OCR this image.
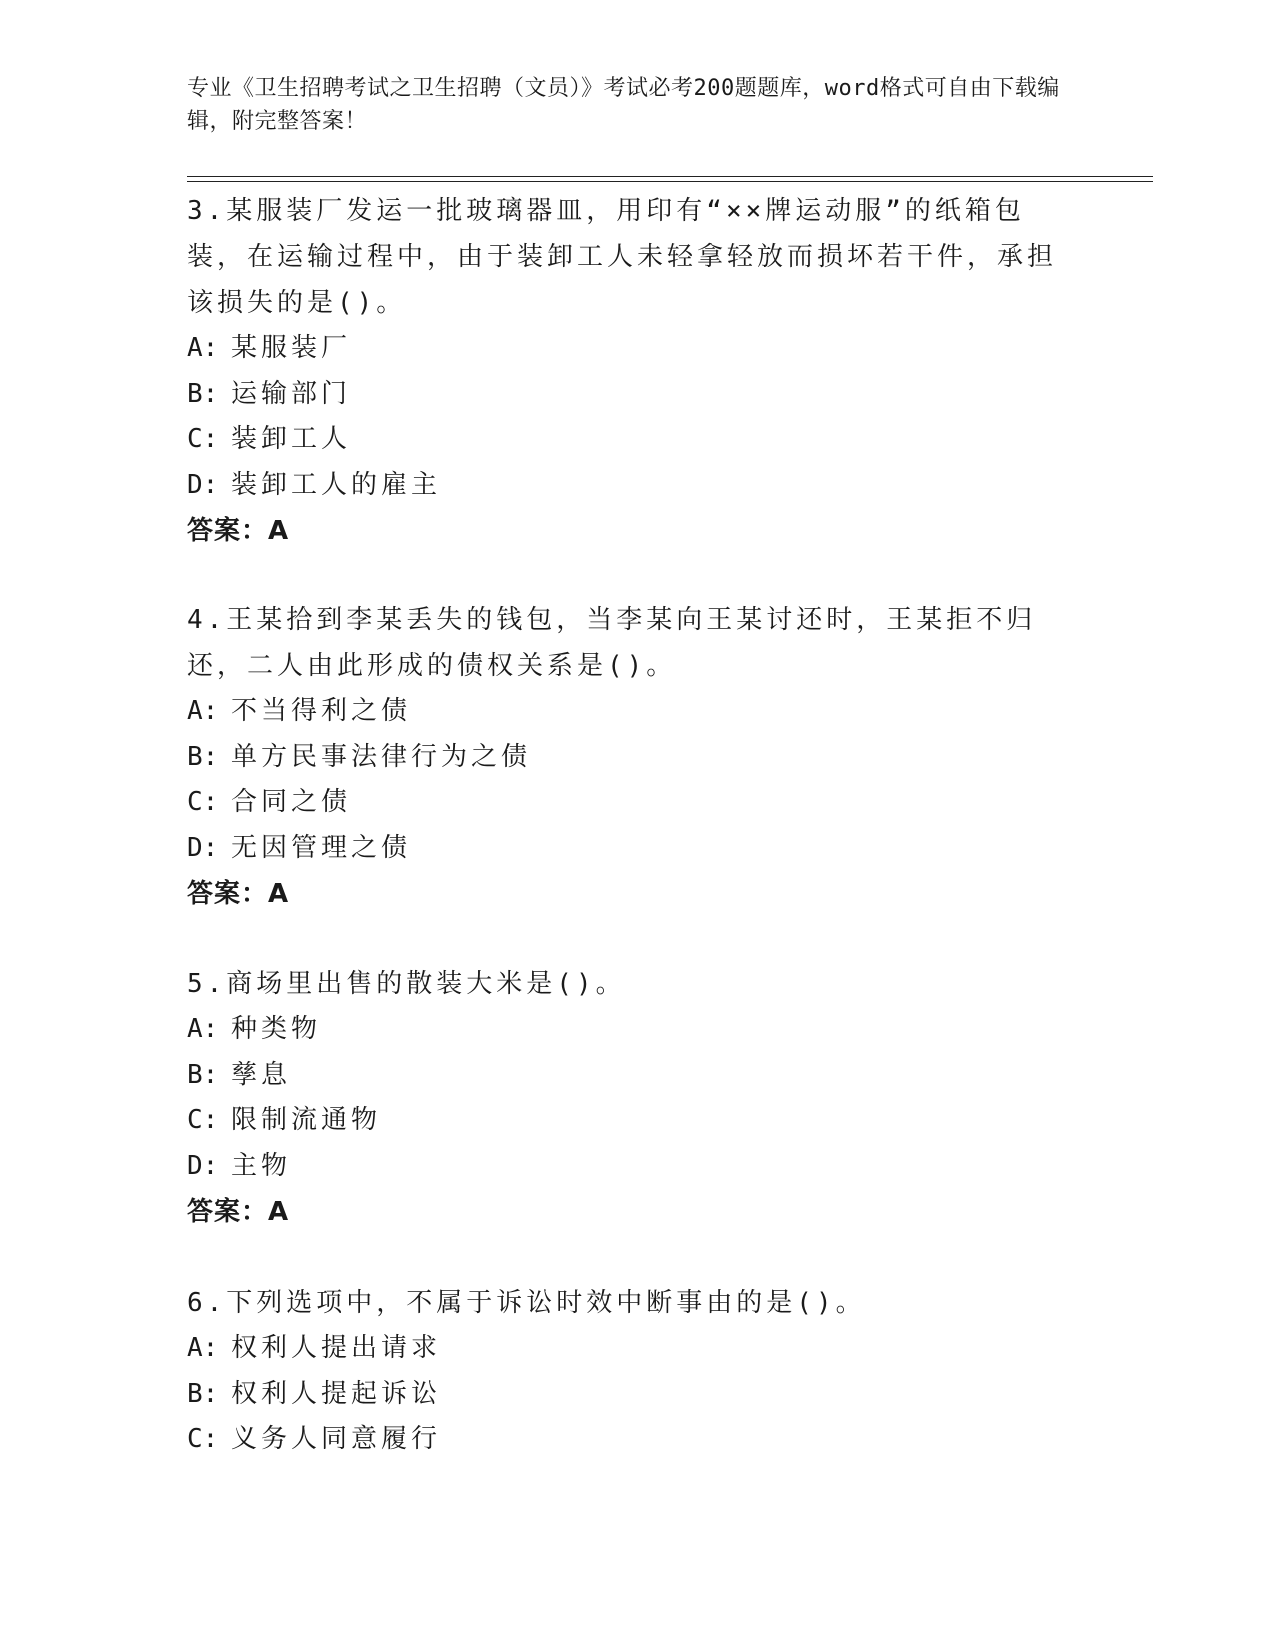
专业《卫生招聘考试之卫生招聘（文员）》考试必考200题题库，word格式可自由下载编辑，附完整答案！
3.某服装厂发运一批玻璃器皿，用印有“××牌运动服”的纸箱包装，在运输过程中，由于装卸工人未轻拿轻放而损坏若干件，承担该损失的是()。
A: 某服装厂
B: 运输部门
C: 装卸工人
D: 装卸工人的雇主
答案：A
4.王某拾到李某丢失的钱包，当李某向王某讨还时，王某拒不归还，二人由此形成的债权关系是()。
A: 不当得利之债
B: 单方民事法律行为之债
C: 合同之债
D: 无因管理之债
答案：A
5.商场里出售的散装大米是()。
A: 种类物
B: 孳息
C: 限制流通物
D: 主物
答案：A
6.下列选项中，不属于诉讼时效中断事由的是()。
A: 权利人提出请求
B: 权利人提起诉讼
C: 义务人同意履行
